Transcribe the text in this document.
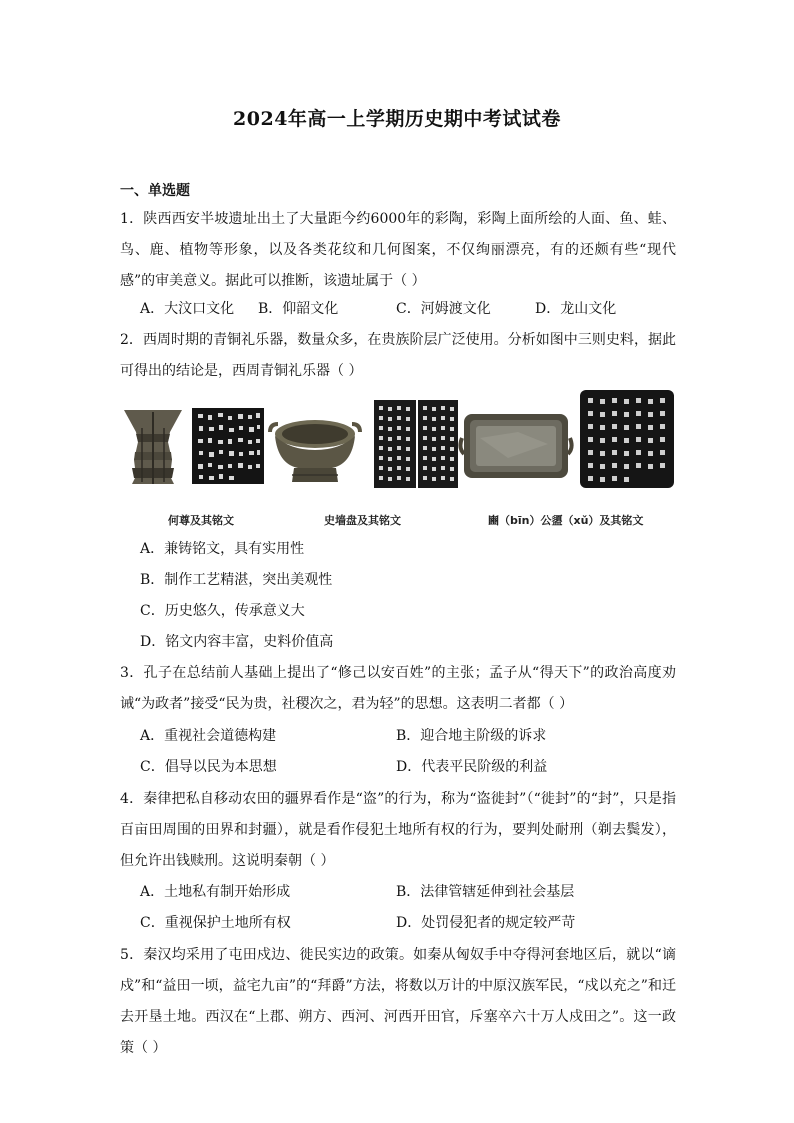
2024年高一上学期历史期中考试试卷
一、单选题
1．陕西西安半坡遗址出土了大量距今约6000年的彩陶，彩陶上面所绘的人面、鱼、蛙、鸟、鹿、植物等形象，以及各类花纹和几何图案，不仅绚丽漂亮，有的还颇有些“现代感”的审美意义。据此可以推断，该遗址属于（ ）
A．大汶口文化	B．仰韶文化	C．河姆渡文化	D．龙山文化
2．西周时期的青铜礼乐器，数量众多，在贵族阶层广泛使用。分析如图中三则史料，据此可得出的结论是，西周青铜礼乐器（ ）
何尊及其铭文	史墙盘及其铭文	豳（bīn）公盨（xǔ）及其铭文
A．兼铸铭文，具有实用性
B．制作工艺精湛，突出美观性
C．历史悠久，传承意义大
D．铭文内容丰富，史料价值高
3．孔子在总结前人基础上提出了“修己以安百姓”的主张；孟子从“得天下”的政治高度劝诫“为政者”接受“民为贵，社稷次之，君为轻”的思想。这表明二者都（ ）
A．重视社会道德构建	B．迎合地主阶级的诉求
C．倡导以民为本思想	D．代表平民阶级的利益
4．秦律把私自移动农田的疆界看作是“盗”的行为，称为“盗徙封”（“徙封”的“封”，只是指百亩田周围的田界和封疆），就是看作侵犯土地所有权的行为，要判处耐刑（剃去鬓发），但允许出钱赎刑。这说明秦朝（ ）
A．土地私有制开始形成	B．法律管辖延伸到社会基层
C．重视保护土地所有权	D．处罚侵犯者的规定较严苛
5．秦汉均采用了屯田戍边、徙民实边的政策。如秦从匈奴手中夺得河套地区后，就以“谪戍”和“益田一顷，益宅九亩”的“拜爵”方法，将数以万计的中原汉族军民，“戍以充之”和迁去开垦土地。西汉在“上郡、朔方、西河、河西开田官，斥塞卒六十万人戍田之”。这一政策（ ）
